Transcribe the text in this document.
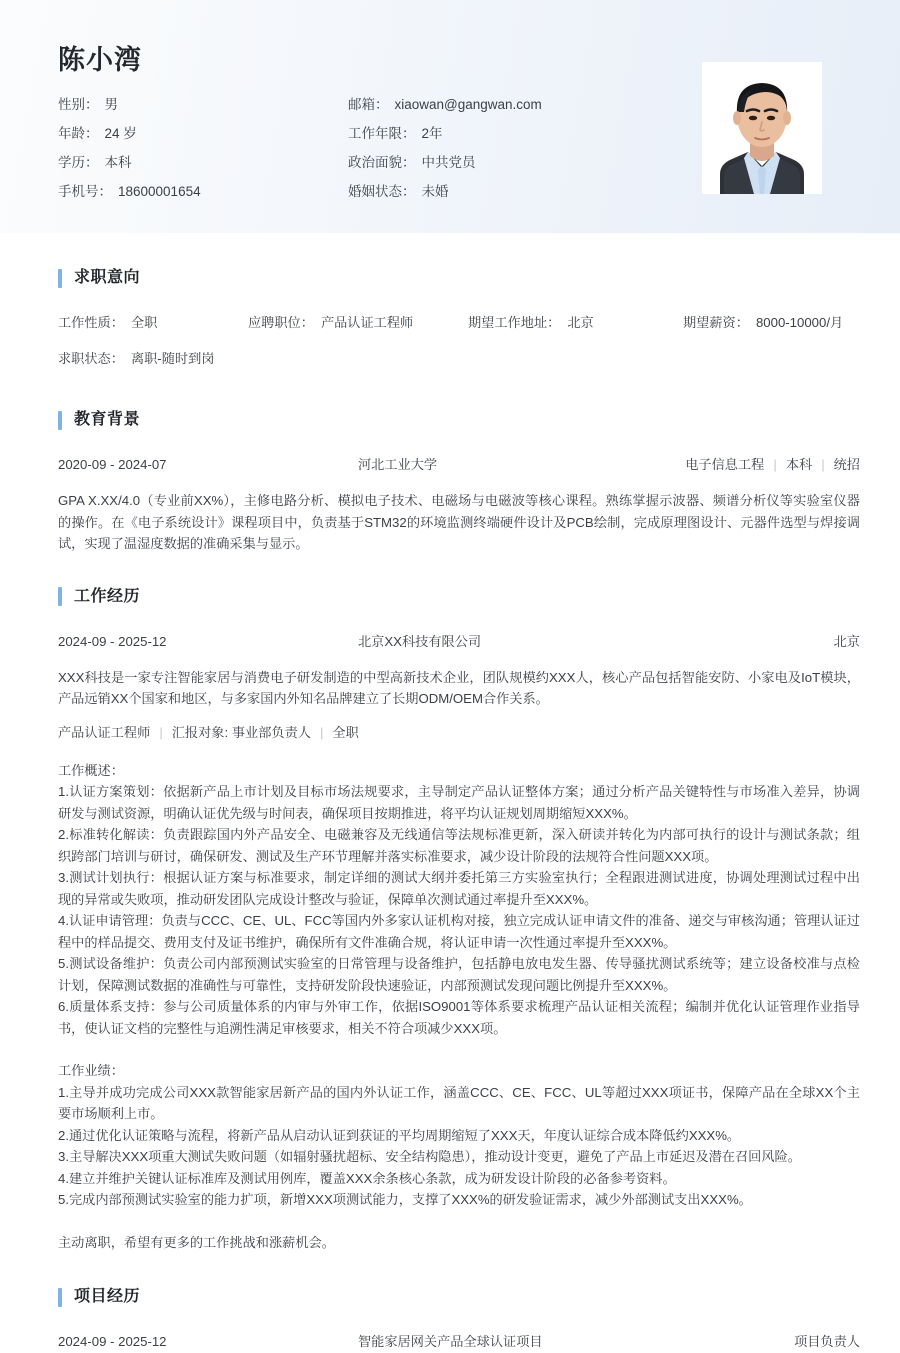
陈小湾
性别： 男	邮箱： xiaowan@gangwan.com
年龄： 24 岁	工作年限： 2年
学历： 本科	政治面貌： 中共党员
手机号： 18600001654	婚姻状态： 未婚
求职意向
工作性质： 全职	应聘职位： 产品认证工程师	期望工作地址： 北京	期望薪资： 8000-10000/月
求职状态： 离职-随时到岗
教育背景
2020-09 - 2024-07	河北工业大学	电子信息工程 | 本科 | 统招
GPA X.XX/4.0（专业前XX%），主修电路分析、模拟电子技术、电磁场与电磁波等核心课程。熟练掌握示波器、频谱分析仪等实验室仪器的操作。在《电子系统设计》课程项目中，负责基于STM32的环境监测终端硬件设计及PCB绘制，完成原理图设计、元器件选型与焊接调试，实现了温湿度数据的准确采集与显示。
工作经历
2024-09 - 2025-12	北京XX科技有限公司	北京
XXX科技是一家专注智能家居与消费电子研发制造的中型高新技术企业，团队规模约XXX人，核心产品包括智能安防、小家电及IoT模块，产品远销XX个国家和地区，与多家国内外知名品牌建立了长期ODM/OEM合作关系。
产品认证工程师 | 汇报对象: 事业部负责人 | 全职

工作概述：

1.认证方案策划：依据新产品上市计划及目标市场法规要求，主导制定产品认证整体方案；通过分析产品关键特性与市场准入差异，协调研发与测试资源，明确认证优先级与时间表，确保项目按期推进，将平均认证规划周期缩短XXX%。

2.标准转化解读：负责跟踪国内外产品安全、电磁兼容及无线通信等法规标准更新，深入研读并转化为内部可执行的设计与测试条款；组织跨部门培训与研讨，确保研发、测试及生产环节理解并落实标准要求，减少设计阶段的法规符合性问题XXX项。

3.测试计划执行：根据认证方案与标准要求，制定详细的测试大纲并委托第三方实验室执行；全程跟进测试进度，协调处理测试过程中出现的异常或失败项，推动研发团队完成设计整改与验证，保障单次测试通过率提升至XXX%。

4.认证申请管理：负责与CCC、CE、UL、FCC等国内外多家认证机构对接，独立完成认证申请文件的准备、递交与审核沟通；管理认证过程中的样品提交、费用支付及证书维护，确保所有文件准确合规，将认证申请一次性通过率提升至XXX%。

5.测试设备维护：负责公司内部预测试实验室的日常管理与设备维护，包括静电放电发生器、传导骚扰测试系统等；建立设备校准与点检计划，保障测试数据的准确性与可靠性，支持研发阶段快速验证，内部预测试发现问题比例提升至XXX%。

6.质量体系支持：参与公司质量体系的内审与外审工作，依据ISO9001等体系要求梳理产品认证相关流程；编制并优化认证管理作业指导书，使认证文档的完整性与追溯性满足审核要求，相关不符合项减少XXX项。

工作业绩：

1.主导并成功完成公司XXX款智能家居新产品的国内外认证工作，涵盖CCC、CE、FCC、UL等超过XXX项证书，保障产品在全球XX个主要市场顺利上市。

2.通过优化认证策略与流程，将新产品从启动认证到获证的平均周期缩短了XXX天，年度认证综合成本降低约XXX%。

3.主导解决XXX项重大测试失败问题（如辐射骚扰超标、安全结构隐患），推动设计变更，避免了产品上市延迟及潜在召回风险。

4.建立并维护关键认证标准库及测试用例库，覆盖XXX余条核心条款，成为研发设计阶段的必备参考资料。

5.完成内部预测试实验室的能力扩项，新增XXX项测试能力，支撑了XXX%的研发验证需求，减少外部测试支出XXX%。

主动离职，希望有更多的工作挑战和涨薪机会。
项目经历
2024-09 - 2025-12	智能家居网关产品全球认证项目	项目负责人
